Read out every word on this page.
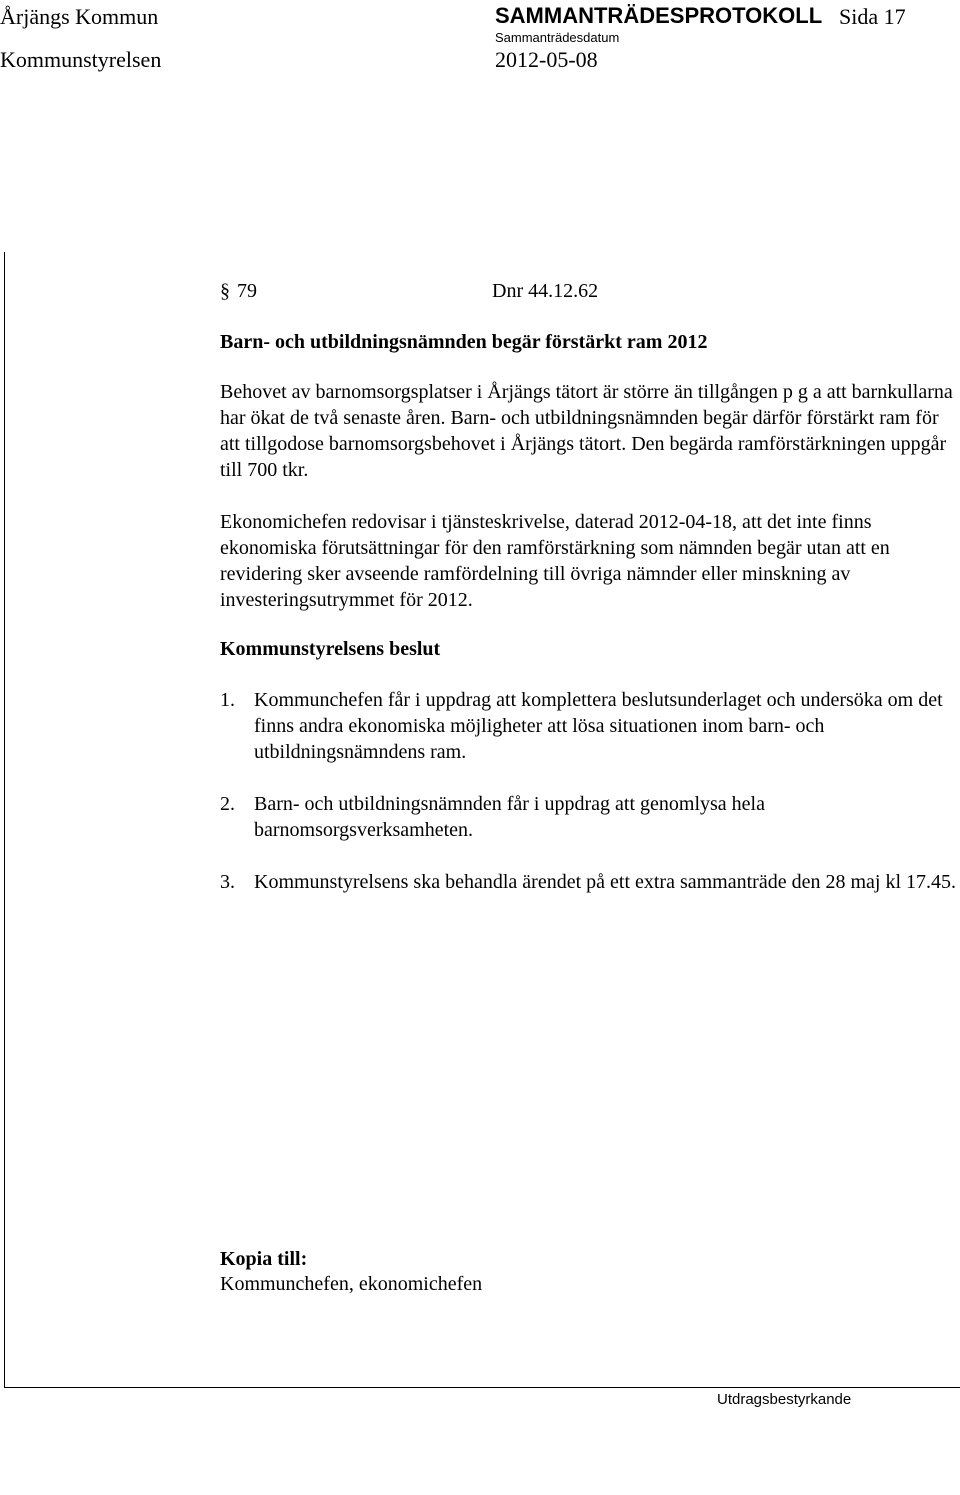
Årjängs Kommun	SAMMANTRÄDESPROTOKOLL Sida 17
Kommunstyrelsen
Sammanträdesdatum
2012-05-08
§ 79	Dnr 44.12.62
Barn- och utbildningsnämnden begär förstärkt ram 2012

Behovet av barnomsorgsplatser i Årjängs tätort är större än tillgången p g a att barnkullarna har ökat de två senaste åren. Barn- och utbildningsnämnden begär därför förstärkt ram för att tillgodose barnomsorgsbehovet i Årjängs tätort. Den begärda ramförstärkningen uppgår till 700 tkr.

Ekonomichefen redovisar i tjänsteskrivelse, daterad 2012-04-18, att det inte finns ekonomiska förutsättningar för den ramförstärkning som nämnden begär utan att en revidering sker avseende ramfördelning till övriga nämnder eller minskning av investeringsutrymmet för 2012.

Kommunstyrelsens beslut
1. Kommunchefen får i uppdrag att komplettera beslutsunderlaget och undersöka om det finns andra ekonomiska möjligheter att lösa situationen inom barn- och utbildningsnämndens ram.
2. Barn- och utbildningsnämnden får i uppdrag att genomlysa hela barnomsorgsverksamheten.
3. Kommunstyrelsens ska behandla ärendet på ett extra sammanträde den 28 maj kl 17.45.
Kopia till:
Kommunchefen, ekonomichefen
Utdragsbestyrkande
